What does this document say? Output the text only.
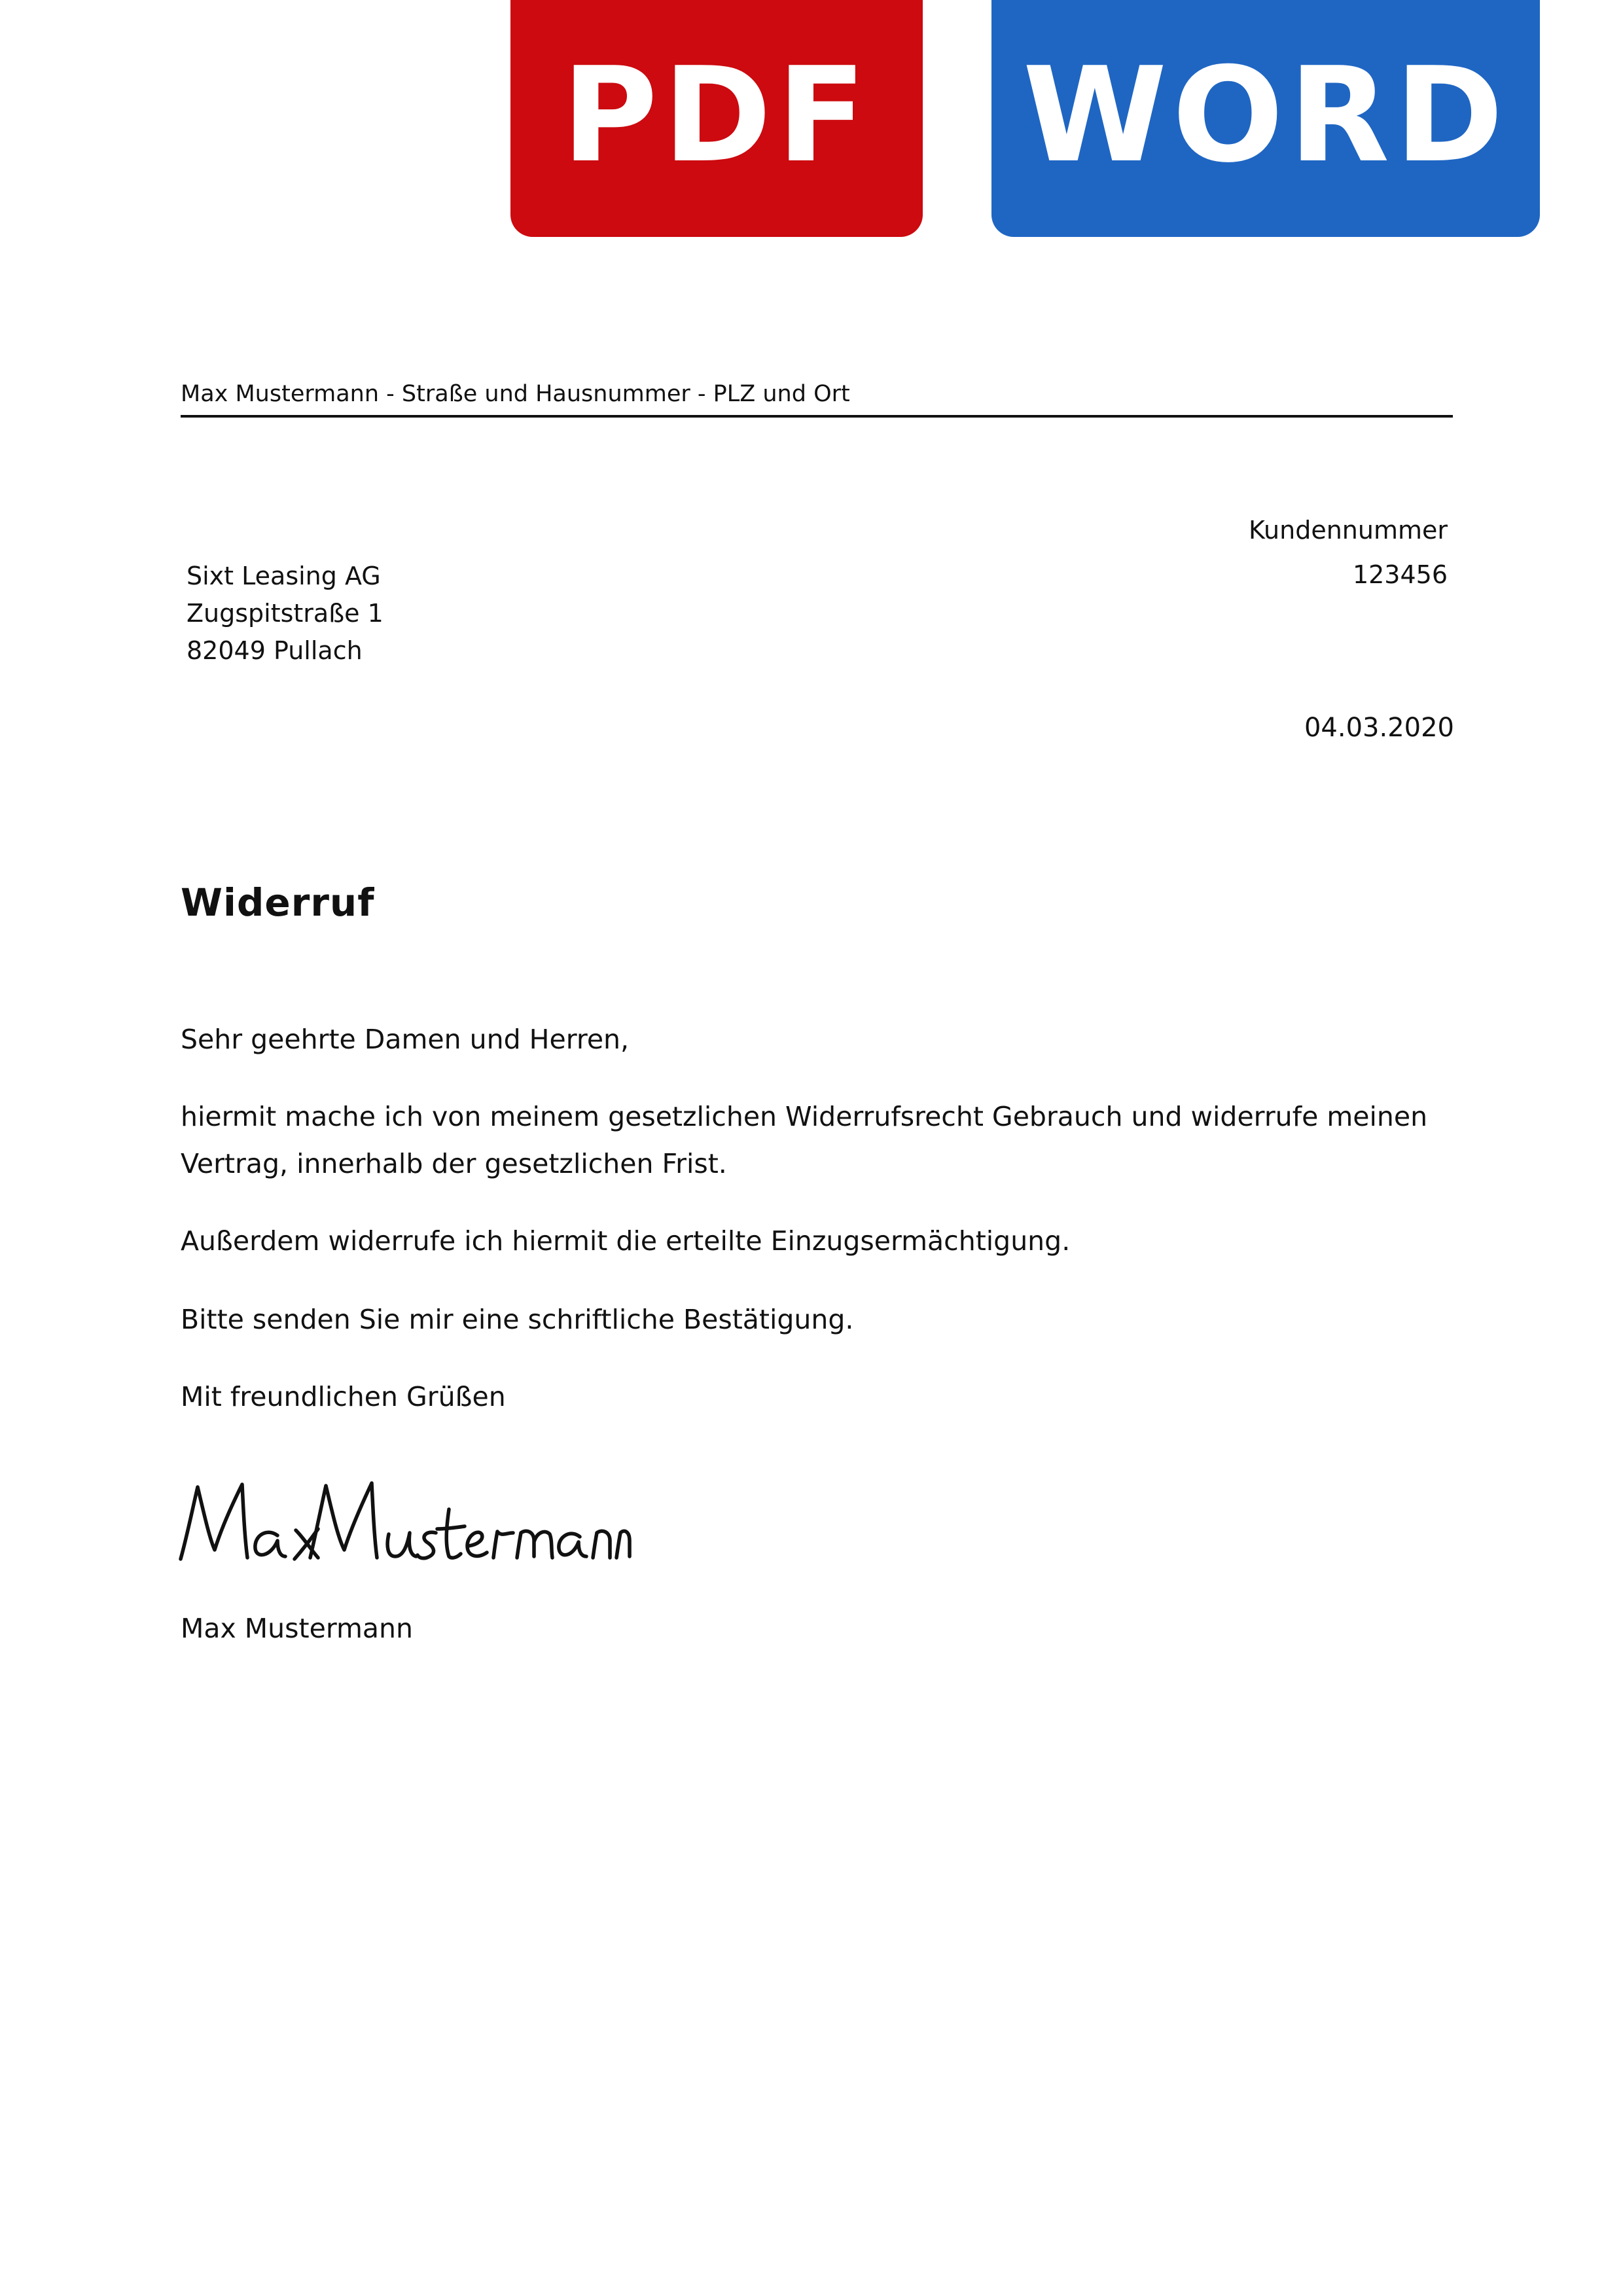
PDF WORD
Max Mustermann - Straße und Hausnummer - PLZ und Ort
Kundennummer
123456
Sixt Leasing AG
Zugspitstraße 1
82049 Pullach
04.03.2020
Widerruf
Sehr geehrte Damen und Herren,
hiermit mache ich von meinem gesetzlichen Widerrufsrecht Gebrauch und widerrufe meinen Vertrag, innerhalb der gesetzlichen Frist.
Außerdem widerrufe ich hiermit die erteilte Einzugsermächtigung.
Bitte senden Sie mir eine schriftliche Bestätigung.
Mit freundlichen Grüßen
Max Mustermann
